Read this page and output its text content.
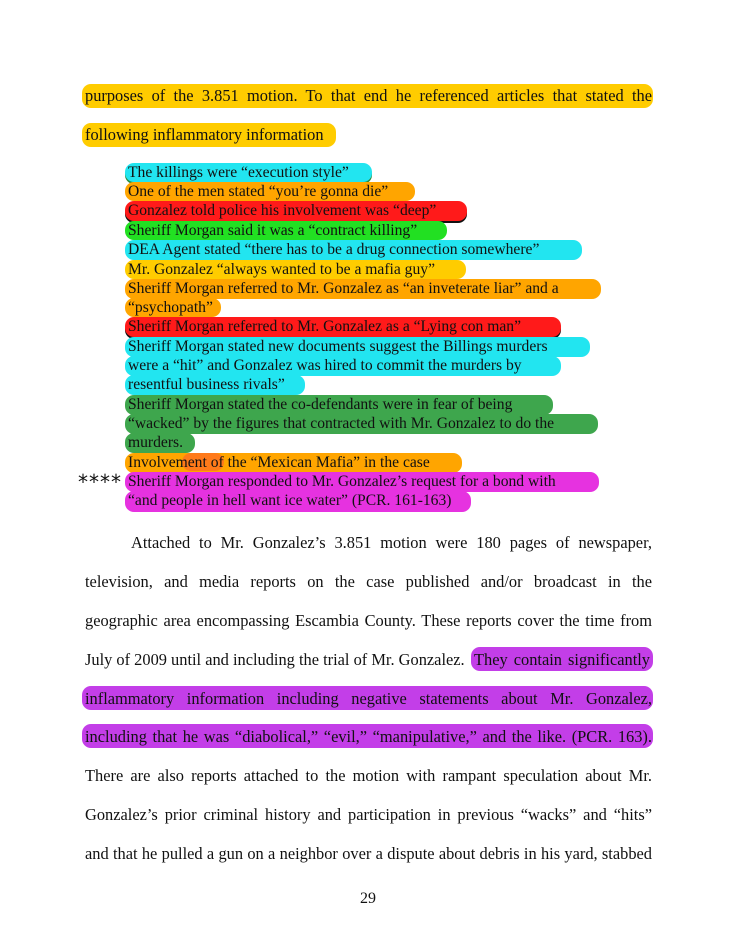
purposes of the 3.851 motion. To that end he referenced articles that stated the
following inflammatory information
The killings were “execution style”
One of the men stated “you’re gonna die”
Gonzalez told police his involvement was “deep”
Sheriff Morgan said it was a “contract killing”
DEA Agent stated “there has to be a drug connection somewhere”
Mr. Gonzalez “always wanted to be a mafia guy”
Sheriff Morgan referred to Mr. Gonzalez as “an inveterate liar” and a
“psychopath”
Sheriff Morgan referred to Mr. Gonzalez as a “Lying con man”
Sheriff Morgan stated new documents suggest the Billings murders
were a “hit” and Gonzalez was hired to commit the murders by
resentful business rivals”
Sheriff Morgan stated the co-defendants were in fear of being
“wacked” by the figures that contracted with Mr. Gonzalez to do the
murders.
Involvement of the “Mexican Mafia” in the case
Sheriff Morgan responded to Mr. Gonzalez’s request for a bond with
“and people in hell want ice water” (PCR. 161-163)
****
Attached to Mr. Gonzalez’s 3.851 motion were 180 pages of newspaper,
television, and media reports on the case published and/or broadcast in the
geographic area encompassing Escambia County. These reports cover the time from
July of 2009 until and including the trial of Mr. Gonzalez. They contain significantly
inflammatory information including negative statements about Mr. Gonzalez,
including that he was “diabolical,” “evil,” “manipulative,” and the like. (PCR. 163).
There are also reports attached to the motion with rampant speculation about Mr.
Gonzalez’s prior criminal history and participation in previous “wacks” and “hits”
and that he pulled a gun on a neighbor over a dispute about debris in his yard, stabbed
29
